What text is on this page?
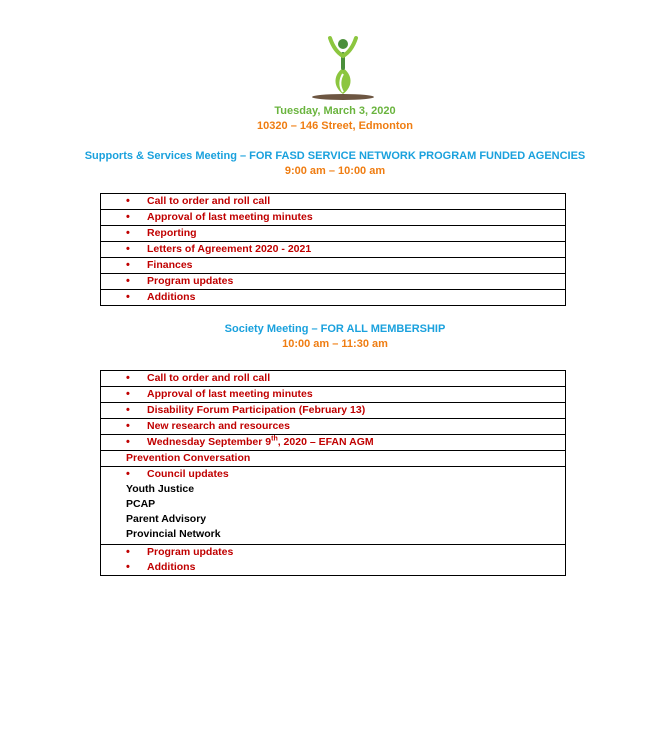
Tuesday, March 3, 2020
10320 – 146 Street, Edmonton
Supports & Services Meeting – FOR FASD SERVICE NETWORK PROGRAM FUNDED AGENCIES
9:00 am – 10:00 am
• Call to order and roll call
• Approval of last meeting minutes
• Reporting
• Letters of Agreement 2020 - 2021
• Finances
• Program updates
• Additions
Society Meeting – FOR ALL MEMBERSHIP
10:00 am – 11:30 am
• Call to order and roll call
• Approval of last meeting minutes
• Disability Forum Participation (February 13)
• New research and resources
• Wednesday September 9th, 2020 – EFAN AGM
Prevention Conversation
• Council updates
Youth Justice
PCAP
Parent Advisory
Provincial Network
• Program updates
• Additions
